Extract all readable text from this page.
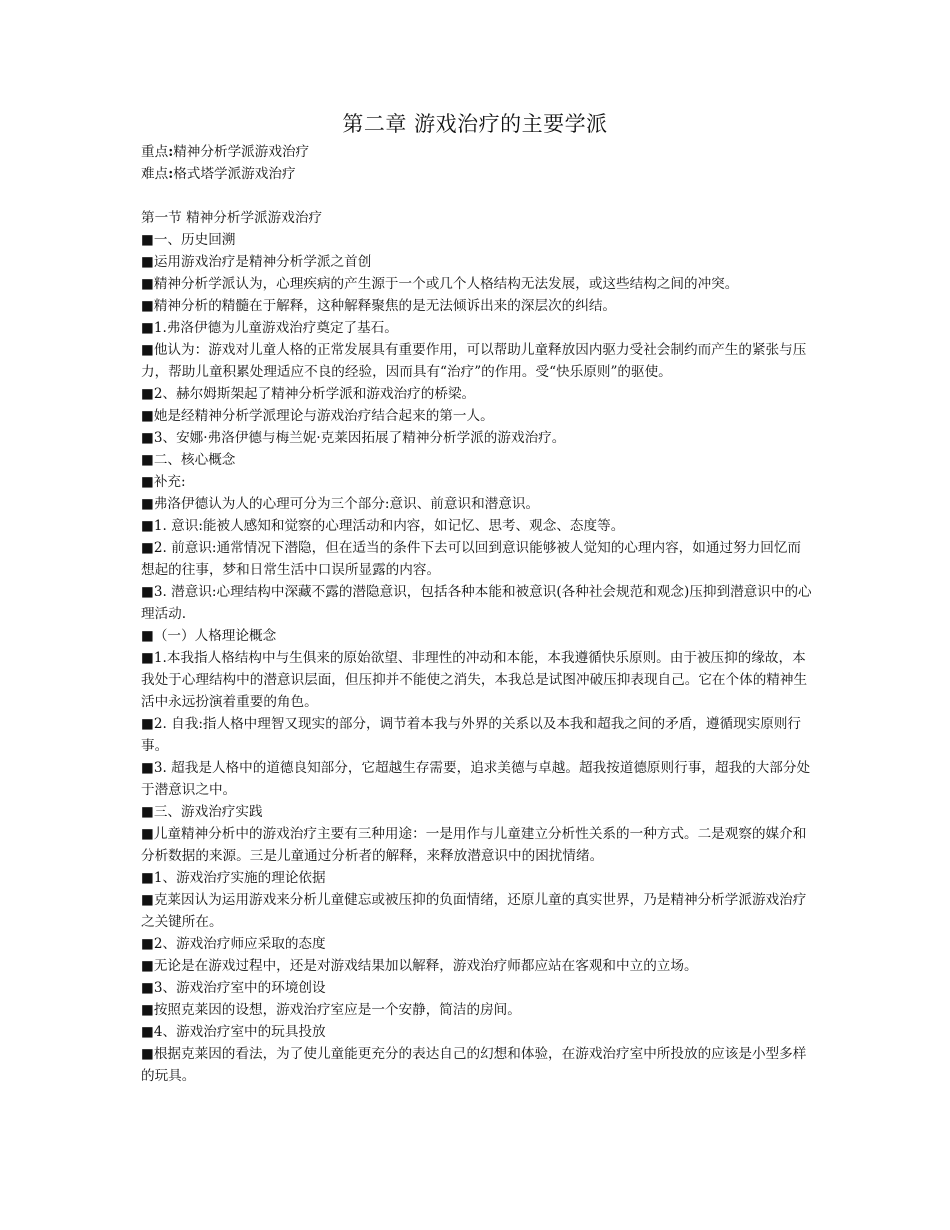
第二章 游戏治疗的主要学派

重点:精神分析学派游戏治疗

难点:格式塔学派游戏治疗

第一节 精神分析学派游戏治疗

■一、历史回溯

■运用游戏治疗是精神分析学派之首创

■精神分析学派认为，心理疾病的产生源于一个或几个人格结构无法发展，或这些结构之间的冲突。

■精神分析的精髓在于解释，这种解释聚焦的是无法倾诉出来的深层次的纠结。

■1.弗洛伊德为儿童游戏治疗奠定了基石。

■他认为：游戏对儿童人格的正常发展具有重要作用，可以帮助儿童释放因内驱力受社会制约而产生的紧张与压力，帮助儿童积累处理适应不良的经验，因而具有“治疗”的作用。受“快乐原则”的驱使。

■2、赫尔姆斯架起了精神分析学派和游戏治疗的桥梁。

■她是经精神分析学派理论与游戏治疗结合起来的第一人。

■3、安娜·弗洛伊德与梅兰妮·克莱因拓展了精神分析学派的游戏治疗。

■二、核心概念

■补充:

■弗洛伊德认为人的心理可分为三个部分:意识、前意识和潜意识。

■1. 意识:能被人感知和觉察的心理活动和内容，如记忆、思考、观念、态度等。

■2. 前意识:通常情况下潜隐，但在适当的条件下去可以回到意识能够被人觉知的心理内容，如通过努力回忆而想起的往事，梦和日常生活中口误所显露的内容。

■3. 潜意识:心理结构中深藏不露的潜隐意识，包括各种本能和被意识(各种社会规范和观念)压抑到潜意识中的心理活动.

■（一）人格理论概念

■1.本我指人格结构中与生俱来的原始欲望、非理性的冲动和本能，本我遵循快乐原则。由于被压抑的缘故，本我处于心理结构中的潜意识层面，但压抑并不能使之消失，本我总是试图冲破压抑表现自己。它在个体的精神生活中永远扮演着重要的角色。

■2. 自我:指人格中理智又现实的部分，调节着本我与外界的关系以及本我和超我之间的矛盾，遵循现实原则行事。

■3. 超我是人格中的道德良知部分，它超越生存需要，追求美德与卓越。超我按道德原则行事，超我的大部分处于潜意识之中。

■三、游戏治疗实践

■儿童精神分析中的游戏治疗主要有三种用途：一是用作与儿童建立分析性关系的一种方式。二是观察的媒介和分析数据的来源。三是儿童通过分析者的解释，来释放潜意识中的困扰情绪。

■1、游戏治疗实施的理论依据

■克莱因认为运用游戏来分析儿童健忘或被压抑的负面情绪，还原儿童的真实世界，乃是精神分析学派游戏治疗之关键所在。

■2、游戏治疗师应采取的态度

■无论是在游戏过程中，还是对游戏结果加以解释，游戏治疗师都应站在客观和中立的立场。

■3、游戏治疗室中的环境创设

■按照克莱因的设想，游戏治疗室应是一个安静，简洁的房间。

■4、游戏治疗室中的玩具投放

■根据克莱因的看法，为了使儿童能更充分的表达自己的幻想和体验，在游戏治疗室中所投放的应该是小型多样的玩具。
